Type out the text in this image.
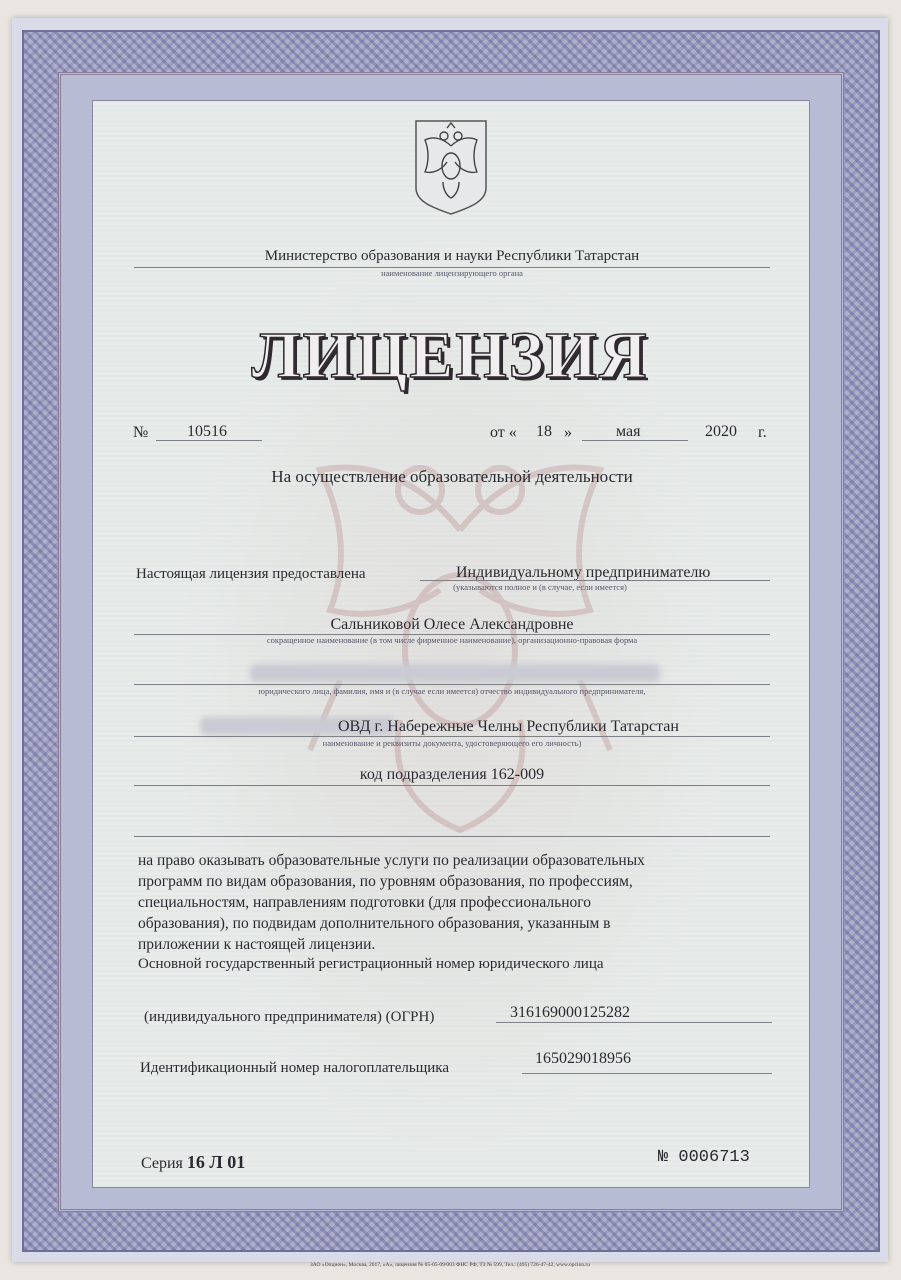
Министерство образования и науки Республики Татарстан
наименование лицензирующего органа
ЛИЦЕНЗИЯ
№ 10516	от « 18 »	мая	2020 г.
На осуществление образовательной деятельности
Настоящая лицензия предоставлена	Индивидуальному предпринимателю
(указываются полное и (в случае, если имеется)
Сальниковой Олесе Александровне
сокращенное наименование (в том числе фирменное наименование), организационно-правовая форма
юридического лица, фамилия, имя и (в случае если имеется) отчество индивидуального предпринимателя,
ОВД г. Набережные Челны Республики Татарстан
наименование и реквизиты документа, удостоверяющего его личность)
код подразделения 162-009
на право оказывать образовательные услуги по реализации образовательных
программ по видам образования, по уровням образования, по профессиям,
специальностям, направлениям подготовки (для профессионального
образования), по подвидам дополнительного образования, указанным в
приложении к настоящей лицензии.
Основной государственный регистрационный номер юридического лица
(индивидуального предпринимателя) (ОГРН)	316169000125282
Идентификационный номер налогоплательщика
165029018956
Серия 16 Л 01	№ 0006713
ЗАО «Опцион», Москва, 2017, «А», лицензия № 05-05-09/003 ФНС РФ, ТЗ № 599, Тел.: (495) 726-47-42, www.opcion.ru
